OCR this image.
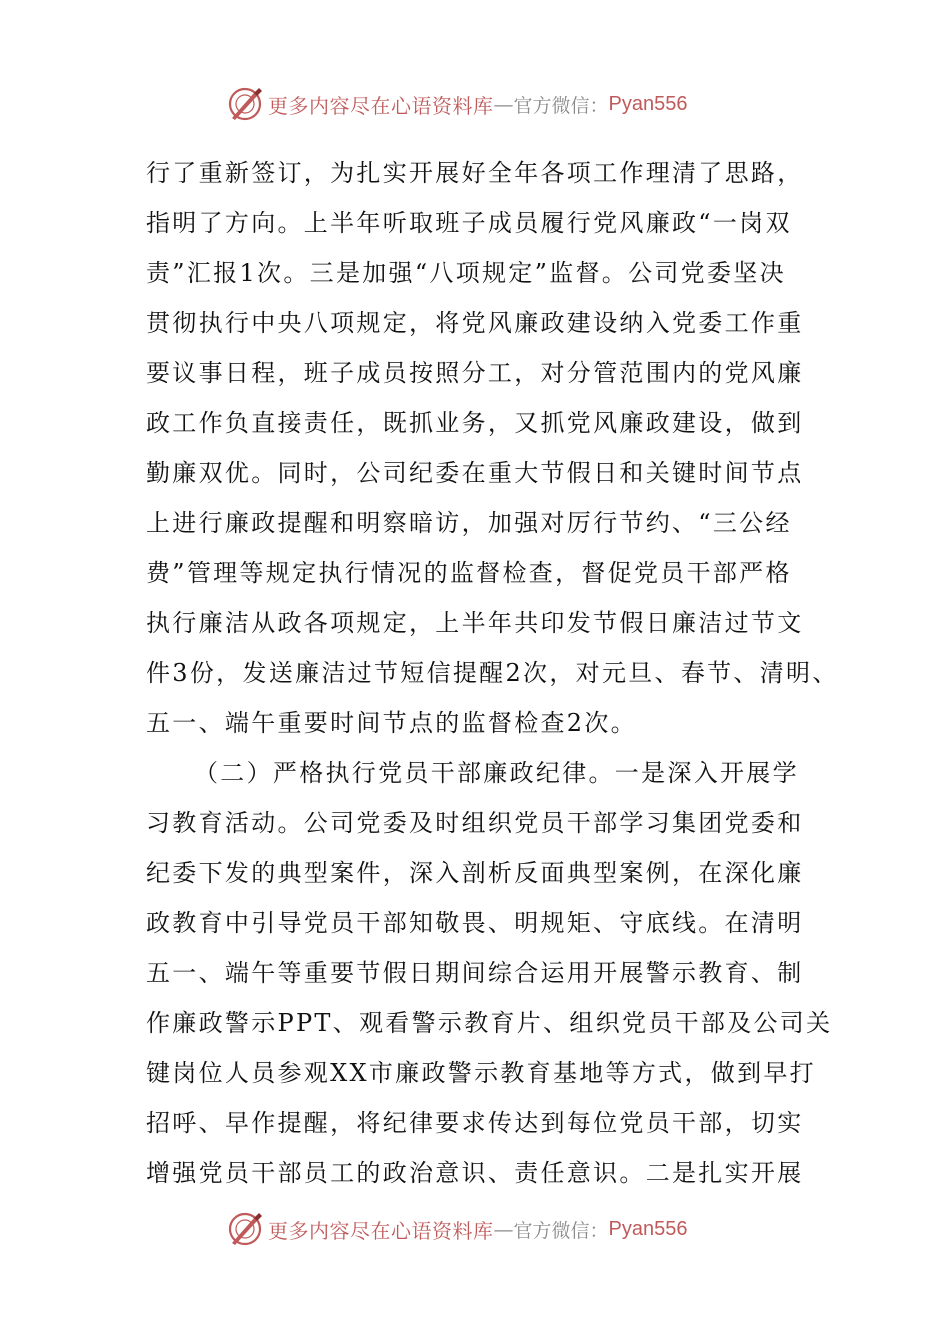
更多内容尽在心语资料库 — 官方微信： Pyan556
行了重新签订，为扎实开展好全年各项工作理清了思路，
指明了方向。上半年听取班子成员履行党风廉政“一岗双
责”汇报1次。三是加强“八项规定”监督。公司党委坚决
贯彻执行中央八项规定，将党风廉政建设纳入党委工作重
要议事日程，班子成员按照分工，对分管范围内的党风廉
政工作负直接责任，既抓业务，又抓党风廉政建设，做到
勤廉双优。同时，公司纪委在重大节假日和关键时间节点
上进行廉政提醒和明察暗访，加强对厉行节约、“三公经
费”管理等规定执行情况的监督检查，督促党员干部严格
执行廉洁从政各项规定，上半年共印发节假日廉洁过节文
件3份，发送廉洁过节短信提醒2次，对元旦、春节、清明、
五一、端午重要时间节点的监督检查2次。
（二）严格执行党员干部廉政纪律。一是深入开展学
习教育活动。公司党委及时组织党员干部学习集团党委和
纪委下发的典型案件，深入剖析反面典型案例，在深化廉
政教育中引导党员干部知敬畏、明规矩、守底线。在清明
五一、端午等重要节假日期间综合运用开展警示教育、制
作廉政警示PPT、观看警示教育片、组织党员干部及公司关
键岗位人员参观XX市廉政警示教育基地等方式，做到早打
招呼、早作提醒，将纪律要求传达到每位党员干部，切实
增强党员干部员工的政治意识、责任意识。二是扎实开展
更多内容尽在心语资料库 — 官方微信： Pyan556
